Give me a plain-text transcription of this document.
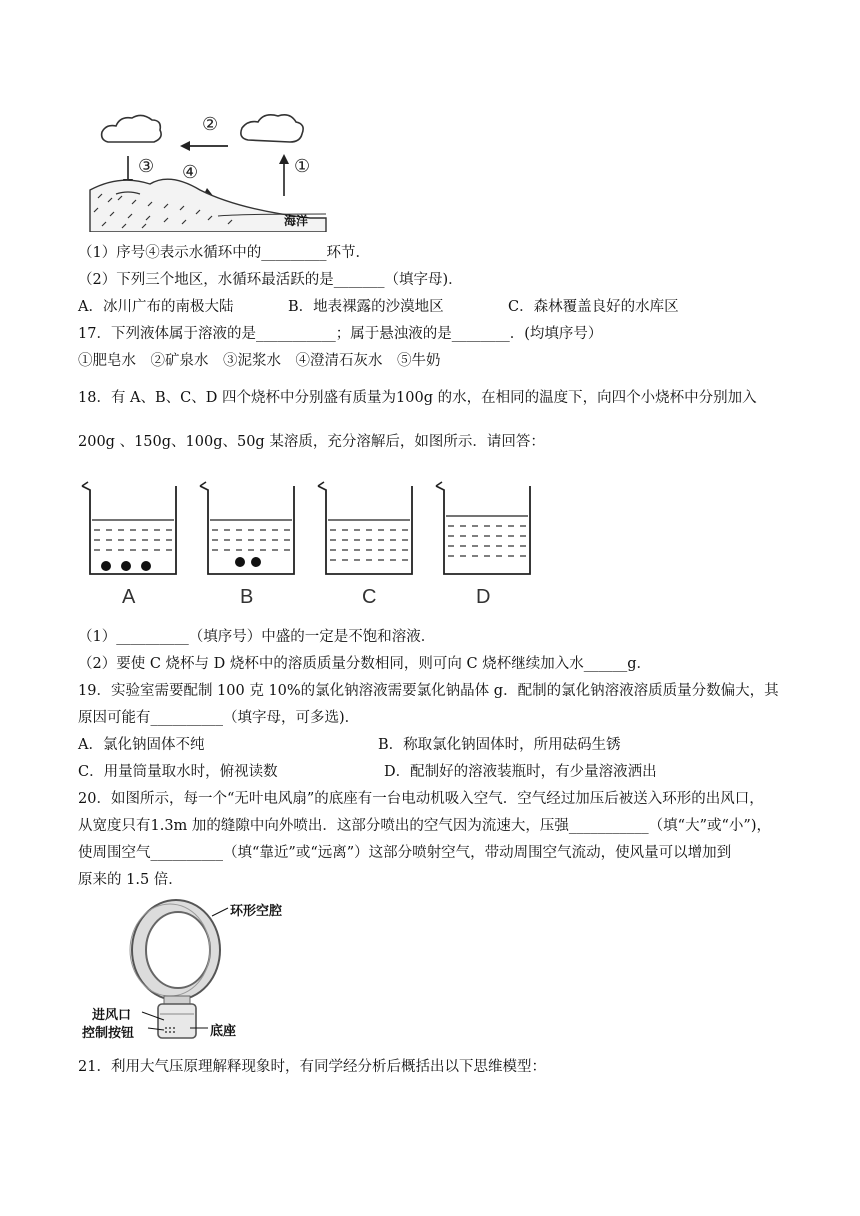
②
③ ④	①
海洋
（1）序号④表示水循环中的_________环节．
（2）下列三个地区，水循环最活跃的是_______（填字母)．
A．冰川广布的南极大陆	B．地表裸露的沙漠地区	C．森林覆盖良好的水库区
17．下列液体属于溶液的是___________；属于悬浊液的是________．(均填序号）
①肥皂水　②矿泉水　③泥浆水　④澄清石灰水　⑤牛奶
18．有 A、B、C、D 四个烧杯中分别盛有质量为100g 的水，在相同的温度下，向四个小烧杯中分别加入
200g 、150g、100g、50g 某溶质，充分溶解后，如图所示．请回答：
A	B	C	D
（1）__________（填序号）中盛的一定是不饱和溶液．
（2）要使 C 烧杯与 D 烧杯中的溶质质量分数相同，则可向 C 烧杯继续加入水______g．
19．实验室需要配制 100 克 10%的氯化钠溶液需要氯化钠晶体 g．配制的氯化钠溶液溶质质量分数偏大，其
原因可能有__________（填字母，可多选)．
A．氯化钠固体不纯	B．称取氯化钠固体时，所用砝码生锈
C．用量筒量取水时，俯视读数	D．配制好的溶液装瓶时，有少量溶液洒出
20．如图所示，每一个“无叶电风扇”的底座有一台电动机吸入空气．空气经过加压后被送入环形的出风口，
从宽度只有1.3m 加的缝隙中向外喷出．这部分喷出的空气因为流速大，压强___________（填“大”或“小”)，
使周围空气__________（填“靠近”或“远离”）这部分喷射空气，带动周围空气流动，使风量可以增加到
原来的 1.5 倍．
环形空腔
进风口
控制按钮	底座
21．利用大气压原理解释现象时，有同学经分析后概括出以下思维模型：
